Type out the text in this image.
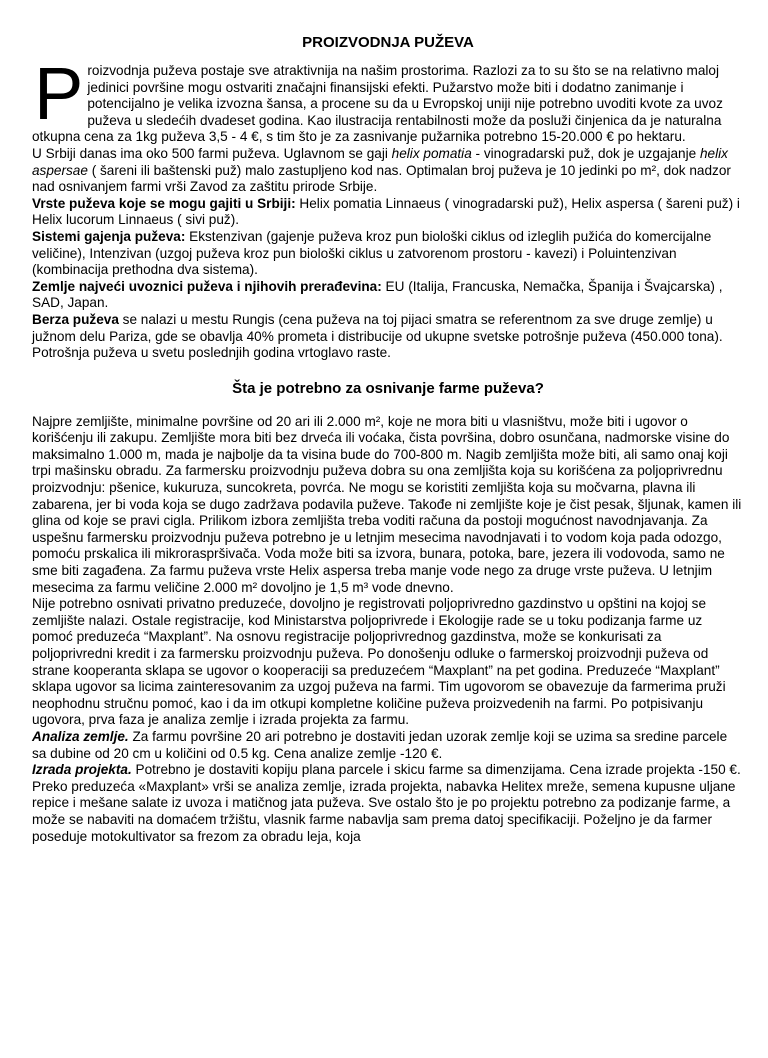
PROIZVODNJA PUŽEVA

Proizvodnja puževa postaje sve atraktivnija na našim prostorima. Razlozi za to su što se na relativno maloj jedinici površine mogu ostvariti značajni finansijski efekti. Pužarstvo može biti i dodatno zanimanje i potencijalno je velika izvozna šansa, a procene su da u Evropskoj uniji nije potrebno uvoditi kvote za uvoz puževa u sledećih dvadeset godina. Kao ilustracija rentabilnosti može da posluži činjenica da je naturalna otkupna cena za 1kg puževa 3,5 - 4 €, s tim što je za zasnivanje pužarnika potrebno 15-20.000 € po hektaru.

U Srbiji danas ima oko 500 farmi puževa. Uglavnom se gaji helix pomatia - vinogradarski puž, dok je uzgajanje helix aspersae ( šareni ili baštenski puž) malo zastupljeno kod nas. Optimalan broj puževa je 10 jedinki po m², dok nadzor nad osnivanjem farmi vrši Zavod za zaštitu prirode Srbije.

Vrste puževa koje se mogu gajiti u Srbiji: Helix pomatia Linnaeus ( vinogradarski puž), Helix aspersa ( šareni puž) i Helix lucorum Linnaeus ( sivi puž).

Sistemi gajenja puževa: Ekstenzivan (gajenje puževa kroz pun biološki ciklus od izleglih pužića do komercijalne veličine), Intenzivan (uzgoj puževa kroz pun biološki ciklus u zatvorenom prostoru - kavezi) i Poluintenzivan (kombinacija prethodna dva sistema).

Zemlje najveći uvoznici puževa i njihovih prerađevina: EU (Italija, Francuska, Nemačka, Španija i Švajcarska) , SAD, Japan.

Berza puževa se nalazi u mestu Rungis (cena puževa na toj pijaci smatra se referentnom za sve druge zemlje) u južnom delu Pariza, gde se obavlja 40% prometa i distribucije od ukupne svetske potrošnje puževa (450.000 tona). Potrošnja puževa u svetu poslednjih godina vrtoglavo raste.

Šta je potrebno za osnivanje farme puževa?

Najpre zemljište, minimalne površine od 20 ari ili 2.000 m², koje ne mora biti u vlasništvu, može biti i ugovor o korišćenju ili zakupu. Zemljište mora biti bez drveća ili voćaka, čista površina, dobro osunčana, nadmorske visine do maksimalno 1.000 m, mada je najbolje da ta visina bude do 700-800 m. Nagib zemljišta može biti, ali samo onaj koji trpi mašinsku obradu. Za farmersku proizvodnju puževa dobra su ona zemljišta koja su korišćena za poljoprivrednu proizvodnju: pšenice, kukuruza, suncokreta, povrća. Ne mogu se koristiti zemljišta koja su močvarna, plavna ili zabarena, jer bi voda koja se dugo zadržava podavila puževe. Takođe ni zemljište koje je čist pesak, šljunak, kamen ili glina od koje se pravi cigla. Prilikom izbora zemljišta treba voditi računa da postoji mogućnost navodnjavanja. Za uspešnu farmersku proizvodnju puževa potrebno je u letnjim mesecima navodnjavati i to vodom koja pada odozgo, pomoću prskalica ili mikroraspršivača. Voda može biti sa izvora, bunara, potoka, bare, jezera ili vodovoda, samo ne sme biti zagađena. Za farmu puževa vrste Helix aspersa treba manje vode nego za druge vrste puževa. U letnjim mesecima za farmu veličine 2.000 m² dovoljno je 1,5 m³ vode dnevno.

Nije potrebno osnivati privatno preduzeće, dovoljno je registrovati poljoprivredno gazdinstvo u opštini na kojoj se zemljište nalazi. Ostale registracije, kod Ministarstva poljoprivrede i Ekologije rade se u toku podizanja farme uz pomoć preduzeća “Maxplant”. Na osnovu registracije poljoprivrednog gazdinstva, može se konkurisati za poljoprivredni kredit i za farmersku proizvodnju puževa. Po donošenju odluke o farmerskoj proizvodnji puževa od strane kooperanta sklapa se ugovor o kooperaciji sa preduzećem “Maxplant” na pet godina. Preduzeće “Maxplant” sklapa ugovor sa licima zainteresovanim za uzgoj puževa na farmi. Tim ugovorom se obavezuje da farmerima pruži neophodnu stručnu pomoć, kao i da im otkupi kompletne količine puževa proizvedenih na farmi. Po potpisivanju ugovora, prva faza je analiza zemlje i izrada projekta za farmu.

Analiza zemlje. Za farmu površine 20 ari potrebno je dostaviti jedan uzorak zemlje koji se uzima sa sredine parcele sa dubine od 20 cm u količini od 0.5 kg. Cena analize zemlje -120 €.

Izrada projekta. Potrebno je dostaviti kopiju plana parcele i skicu farme sa dimenzijama. Cena izrade projekta -150 €.

Preko preduzeća «Maxplant» vrši se analiza zemlje, izrada projekta, nabavka Helitex mreže, semena kupusne uljane repice i mešane salate iz uvoza i matičnog jata puževa. Sve ostalo što je po projektu potrebno za podizanje farme, a može se nabaviti na domaćem tržištu, vlasnik farme nabavlja sam prema datoj specifikaciji. Poželjno je da farmer poseduje motokultivator sa frezom za obradu leja, koja
